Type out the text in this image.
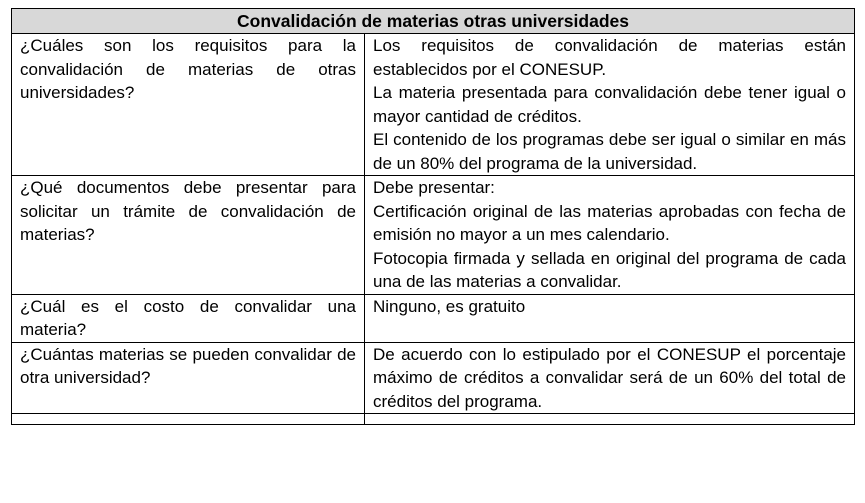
Convalidación de materias otras universidades	

¿Cuáles son los requisitos para la convalidación de materias de otras universidades?	Los requisitos de convalidación de materias están establecidos por el CONESUP.
La materia presentada para convalidación debe tener igual o mayor cantidad de créditos.
El contenido de los programas debe ser igual o similar en más de un 80% del programa de la universidad.

¿Qué documentos debe presentar para solicitar un trámite de convalidación de materias?	Debe presentar:
Certificación original de las materias aprobadas con fecha de emisión no mayor a un mes calendario.
Fotocopia firmada y sellada en original del programa de cada una de las materias a convalidar.

¿Cuál es el costo de convalidar una materia?	Ninguno, es gratuito

¿Cuántas materias se pueden convalidar de otra universidad?	De acuerdo con lo estipulado por el CONESUP el porcentaje máximo de créditos a convalidar será de un 60% del total de créditos del programa.
